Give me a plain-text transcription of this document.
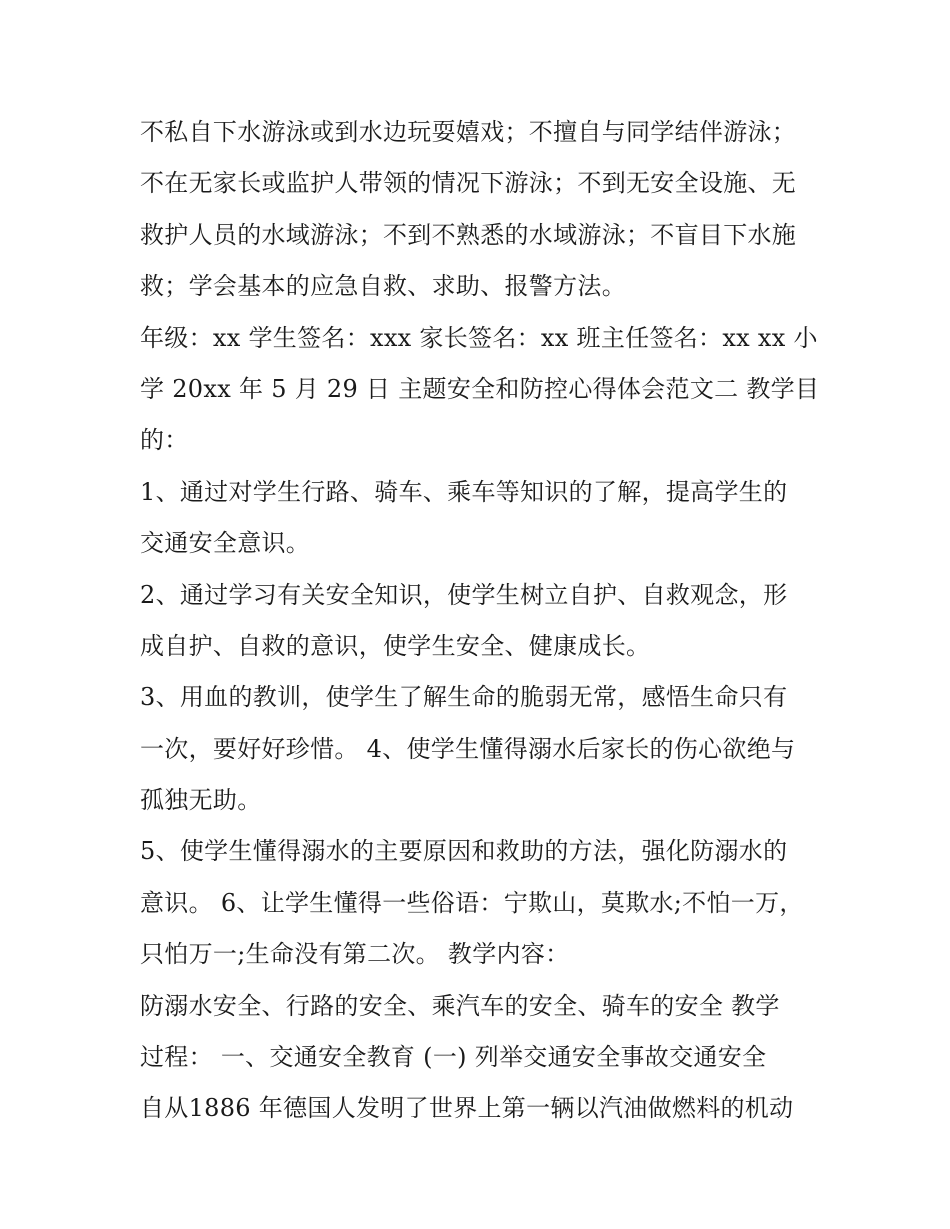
不私自下水游泳或到水边玩耍嬉戏；不擅自与同学结伴游泳；
不在无家长或监护人带领的情况下游泳；不到无安全设施、无
救护人员的水域游泳；不到不熟悉的水域游泳；不盲目下水施
救；学会基本的应急自救、求助、报警方法。
年级：xx 学生签名：xxx 家长签名：xx 班主任签名：xx xx 小
学 20xx 年 5 月 29 日 主题安全和防控心得体会范文二 教学目
的：
1、通过对学生行路、骑车、乘车等知识的了解，提高学生的
交通安全意识。
2、通过学习有关安全知识，使学生树立自护、自救观念，形
成自护、自救的意识，使学生安全、健康成长。
3、用血的教训，使学生了解生命的脆弱无常，感悟生命只有
一次，要好好珍惜。 4、使学生懂得溺水后家长的伤心欲绝与
孤独无助。
5、使学生懂得溺水的主要原因和救助的方法，强化防溺水的
意识。 6、让学生懂得一些俗语：宁欺山，莫欺水;不怕一万，
只怕万一;生命没有第二次。 教学内容：
防溺水安全、行路的安全、乘汽车的安全、骑车的安全 教学
过程： 一、交通安全教育 (一) 列举交通安全事故交通安全
自从1886 年德国人发明了世界上第一辆以汽油做燃料的机动
